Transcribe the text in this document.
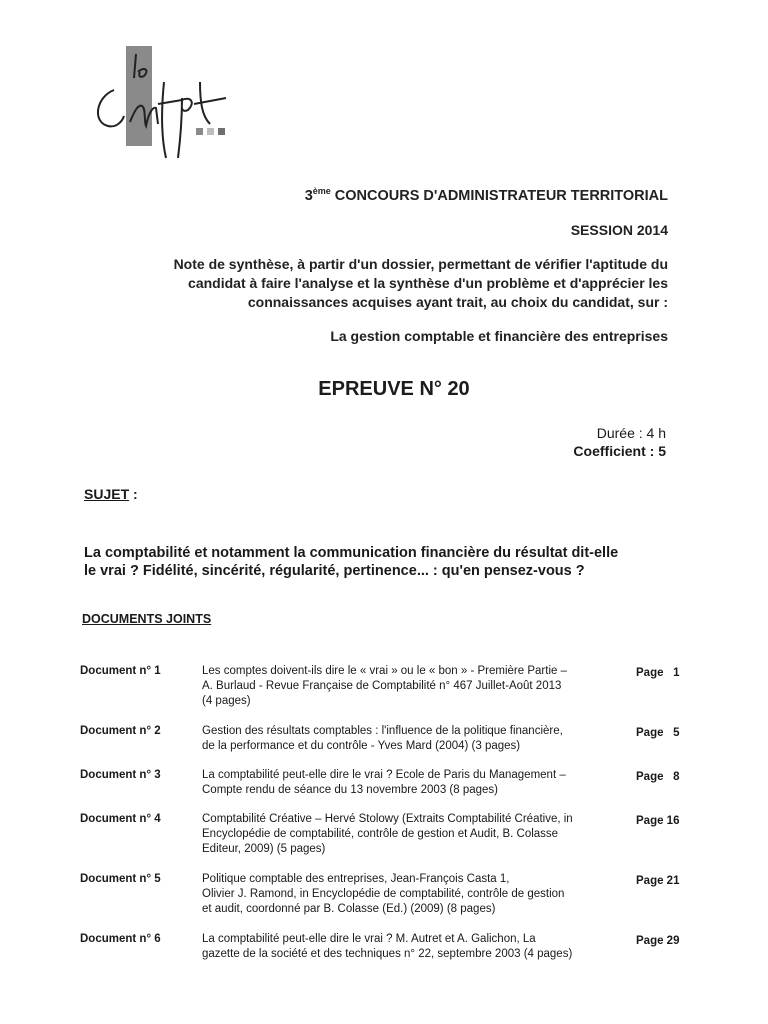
3ème CONCOURS D'ADMINISTRATEUR TERRITORIAL
SESSION 2014
Note de synthèse, à partir d'un dossier, permettant de vérifier l'aptitude du
candidat à faire l'analyse et la synthèse d'un problème et d'apprécier les
connaissances acquises ayant trait, au choix du candidat, sur :
La gestion comptable et financière des entreprises
EPREUVE N° 20
Durée : 4 h
Coefficient : 5
SUJET :
La comptabilité et notamment la communication financière du résultat dit-elle
le vrai ? Fidélité, sincérité, régularité, pertinence... : qu'en pensez-vous ?
DOCUMENTS JOINTS
Document n° 1	Les comptes doivent-ils dire le « vrai » ou le « bon » - Première Partie –
A. Burlaud - Revue Française de Comptabilité n° 467 Juillet-Août 2013
(4 pages)
Page   1
Document n° 2	Gestion des résultats comptables : l'influence de la politique financière,
de la performance et du contrôle - Yves Mard (2004) (3 pages)
Page   5
Document n° 3	La comptabilité peut-elle dire le vrai ? Ecole de Paris du Management –
Compte rendu de séance du 13 novembre 2003 (8 pages)
Page   8
Document n° 4	Comptabilité Créative – Hervé Stolowy (Extraits Comptabilité Créative, in
Encyclopédie de comptabilité, contrôle de gestion et Audit, B. Colasse
Editeur, 2009) (5 pages)
Page 16
Document n° 5	Politique comptable des entreprises, Jean-François Casta 1,
Olivier J. Ramond, in Encyclopédie de comptabilité, contrôle de gestion
et audit, coordonné par B. Colasse (Ed.) (2009) (8 pages)
Page 21
Document n° 6	La comptabilité peut-elle dire le vrai ? M. Autret et A. Galichon, La
gazette de la société et des techniques n° 22, septembre 2003 (4 pages)
Page 29
